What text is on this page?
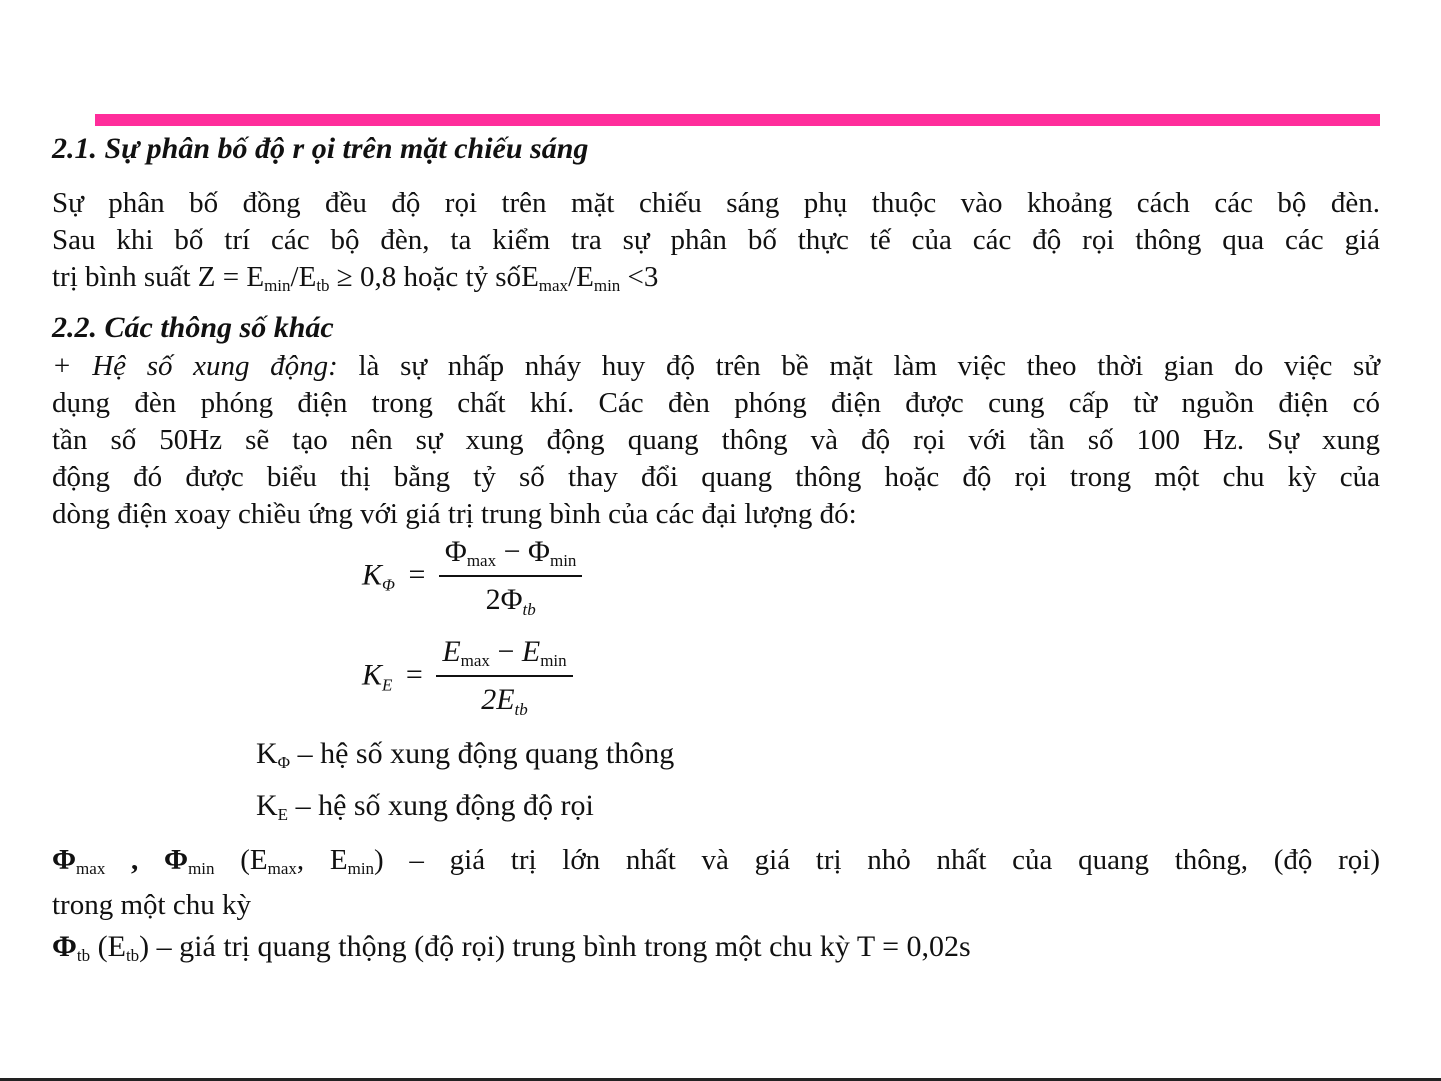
2.1. Sự phân bố độ r ọi trên mặt chiếu sáng
Sự phân bố đồng đều độ rọi trên mặt chiếu sáng phụ thuộc vào khoảng cách các bộ đèn.
Sau khi bố trí các bộ đèn, ta kiểm tra sự phân bố thực tế của các độ rọi thông qua các giá
trị bình suất $Z = E_{min}/E_{tb} \ge 0,8$ hoặc tỷ $sốE_{max}/E_{min} <3$
2.2. Các thông số khác
+ Hệ số xung động: là sự nhấp nháy huy độ trên bề mặt làm việc theo thời gian do việc sử
dụng đèn phóng điện trong chất khí. Các đèn phóng điện được cung cấp từ nguồn điện có
tần số 50Hz sẽ tạo nên sự xung động quang thông và độ rọi với tần số 100 Hz. Sự xung
động đó được biểu thị bằng tỷ số thay đổi quang thông hoặc độ rọi trong một chu kỳ của
dòng điện xoay chiều ứng với giá trị trung bình của các đại lượng đó:
$K_\Phi = \frac{\Phi_{max} - \Phi_{min}}{2\Phi_{tb}}$
$K_E = \frac{E_{max} - E_{min}}{2E_{tb}}$
$K_\Phi$ – hệ số xung động quang thông
$K_E$ – hệ số xung động độ rọi
$\Phi_{max}$ , $\Phi_{min}$ ($E_{max}$, $E_{min}$) – giá trị lớn nhất và giá trị nhỏ nhất của quang thông, (độ rọi)
trong một chu kỳ
$\Phi_{tb}$ $(E_{tb})$ – giá trị quang thộng (độ rọi) trung bình trong một chu kỳ T = 0,02s
